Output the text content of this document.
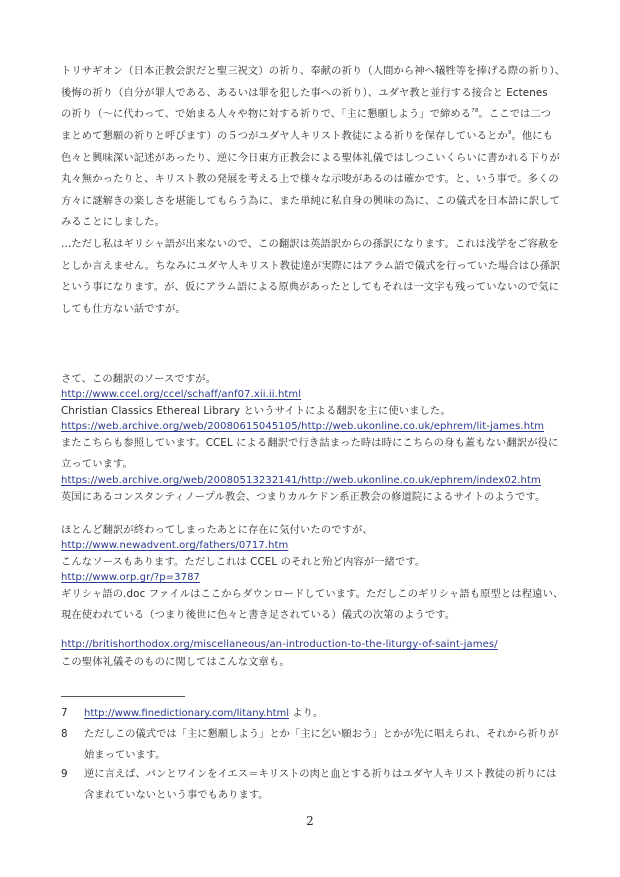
トリサギオン（日本正教会訳だと聖三祝文）の祈り、奉献の祈り（人間から神へ犠牲等を捧げる際の祈り）、
後悔の祈り（自分が罪人である、あるいは罪を犯した事への祈り）、ユダヤ教と並行する接合と Ectenes
の祈り（～に代わって、で始まる人々や物に対する祈りで、「主に懇願しよう」で締める$^{78}$。ここでは二つ
まとめて懇願の祈りと呼びます）の５つがユダヤ人キリスト教徒による祈りを保存しているとか$^9$。他にも
色々と興味深い記述があったり、逆に今日東方正教会による聖体礼儀ではしつこいくらいに書かれる下りが
丸々無かったりと、キリスト教の発展を考える上で様々な示唆があるのは確かです。と、いう事で。多くの
方々に謎解きの楽しさを堪能してもらう為に、また単純に私自身の興味の為に、この儀式を日本語に訳して
みることにしました。
…ただし私はギリシャ語が出来ないので、この翻訳は英語訳からの孫訳になります。これは浅学をご容赦を
としか言えません。ちなみにユダヤ人キリスト教徒達が実際にはアラム語で儀式を行っていた場合はひ孫訳
という事になります。が、仮にアラム語による原典があったとしてもそれは一文字も残っていないので気に
しても仕方ない話ですが。
さて、この翻訳のソースですが。
http://www.ccel.org/ccel/schaff/anf07.xii.ii.html
Christian Classics Ethereal Library というサイトによる翻訳を主に使いました。
https://web.archive.org/web/20080615045105/http://web.ukonline.co.uk/ephrem/lit-james.htm
またこちらも参照しています。CCEL による翻訳で行き詰まった時は時にこちらの身も蓋もない翻訳が役に
立っています。
https://web.archive.org/web/20080513232141/http://web.ukonline.co.uk/ephrem/index02.htm
英国にあるコンスタンティノープル教会、つまりカルケドン系正教会の修道院によるサイトのようです。
ほとんど翻訳が終わってしまったあとに存在に気付いたのですが、
http://www.newadvent.org/fathers/0717.htm
こんなソースもあります。ただしこれは CCEL のそれと殆ど内容が一緒です。
http://www.orp.gr/?p=3787
ギリシャ語の.doc ファイルはここからダウンロードしています。ただしこのギリシャ語も原型とは程遠い、
現在使われている（つまり後世に色々と書き足されている）儀式の次第のようです。
http://britishorthodox.org/miscellaneous/an-introduction-to-the-liturgy-of-saint-james/
この聖体礼儀そのものに関してはこんな文章も。
7	http://www.finedictionary.com/litany.html より。
8	ただしこの儀式では「主に懇願しよう」とか「主に乞い願おう」とかが先に唱えられ、それから祈りが
始まっています。
9	逆に言えば、パンとワインをイエス＝キリストの肉と血とする祈りはユダヤ人キリスト教徒の祈りには
含まれていないという事でもあります。
2
